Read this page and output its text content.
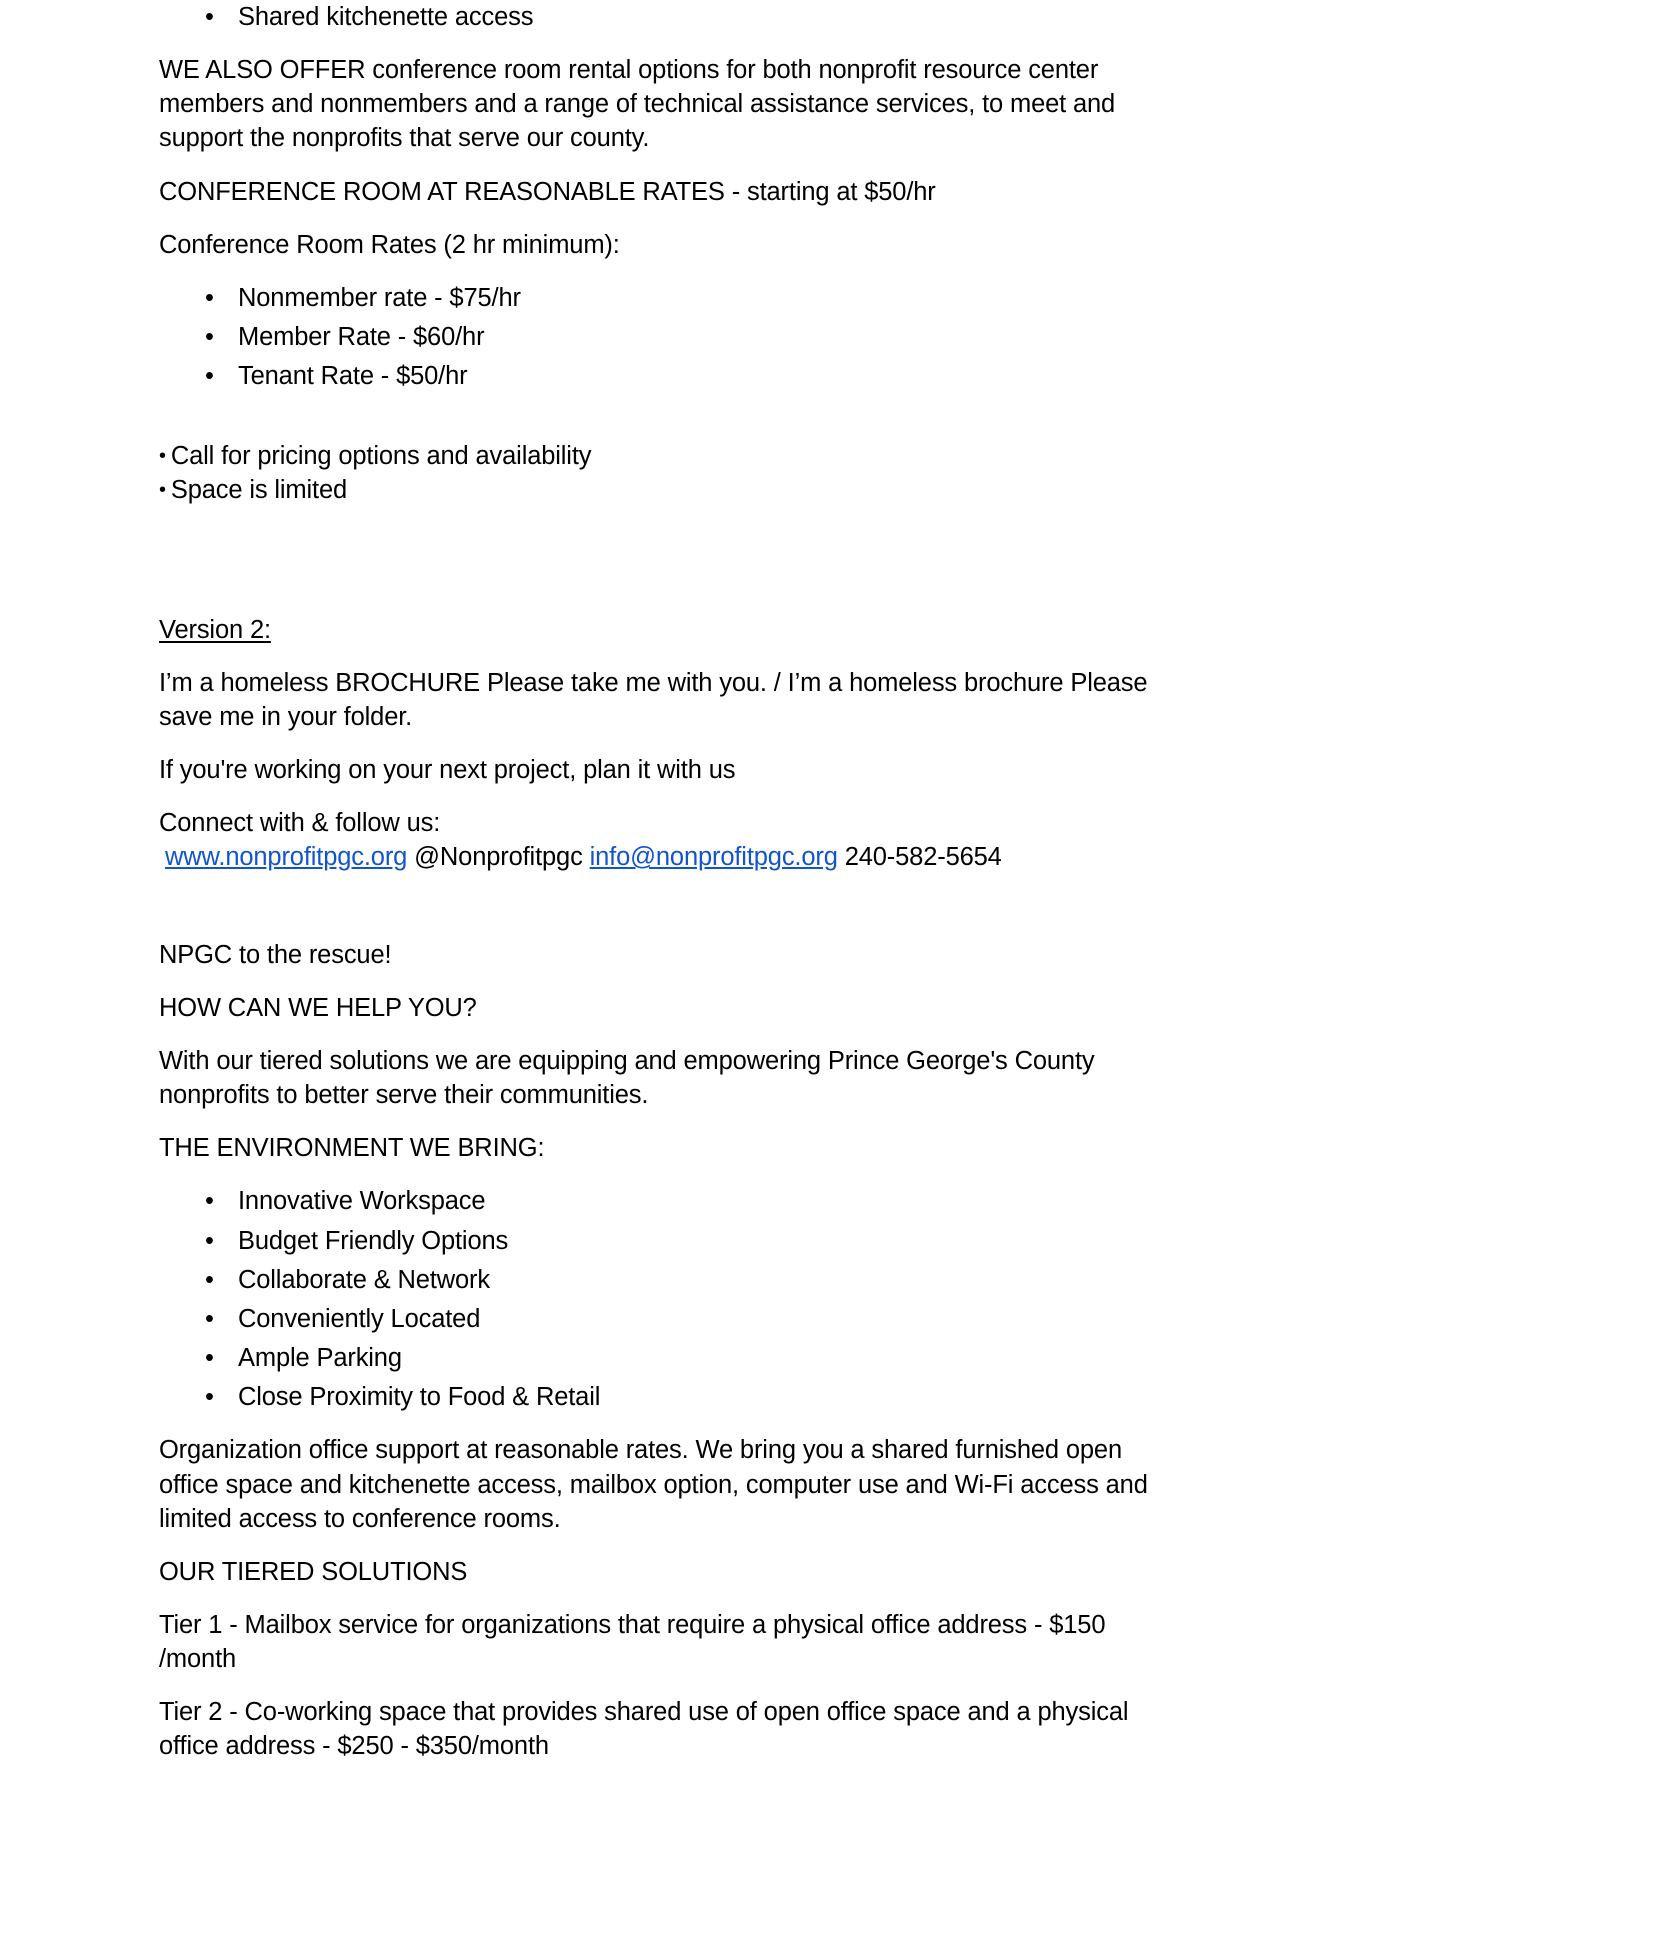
• Shared kitchenette access

WE ALSO OFFER conference room rental options for both nonprofit resource center members and nonmembers and a range of technical assistance services, to meet and support the nonprofits that serve our county.

CONFERENCE ROOM AT REASONABLE RATES - starting at $50/hr

Conference Room Rates (2 hr minimum):

• Nonmember rate - $75/hr
• Member Rate - $60/hr
• Tenant Rate - $50/hr

• Call for pricing options and availability

• Space is limited

Version 2:

I’m a homeless BROCHURE Please take me with you. / I’m a homeless brochure Please save me in your folder.

If you're working on your next project, plan it with us

Connect with & follow us:

www.nonprofitpgc.org @Nonprofitpgc info@nonprofitpgc.org 240-582-5654

NPGC to the rescue!

HOW CAN WE HELP YOU?

With our tiered solutions we are equipping and empowering Prince George's County nonprofits to better serve their communities.

THE ENVIRONMENT WE BRING:

• Innovative Workspace
• Budget Friendly Options
• Collaborate & Network
• Conveniently Located
• Ample Parking
• Close Proximity to Food & Retail

Organization office support at reasonable rates. We bring you a shared furnished open office space and kitchenette access, mailbox option, computer use and Wi-Fi access and limited access to conference rooms.

OUR TIERED SOLUTIONS

Tier 1 - Mailbox service for organizations that require a physical office address - $150 /month

Tier 2 - Co-working space that provides shared use of open office space and a physical office address - $250 - $350/month
